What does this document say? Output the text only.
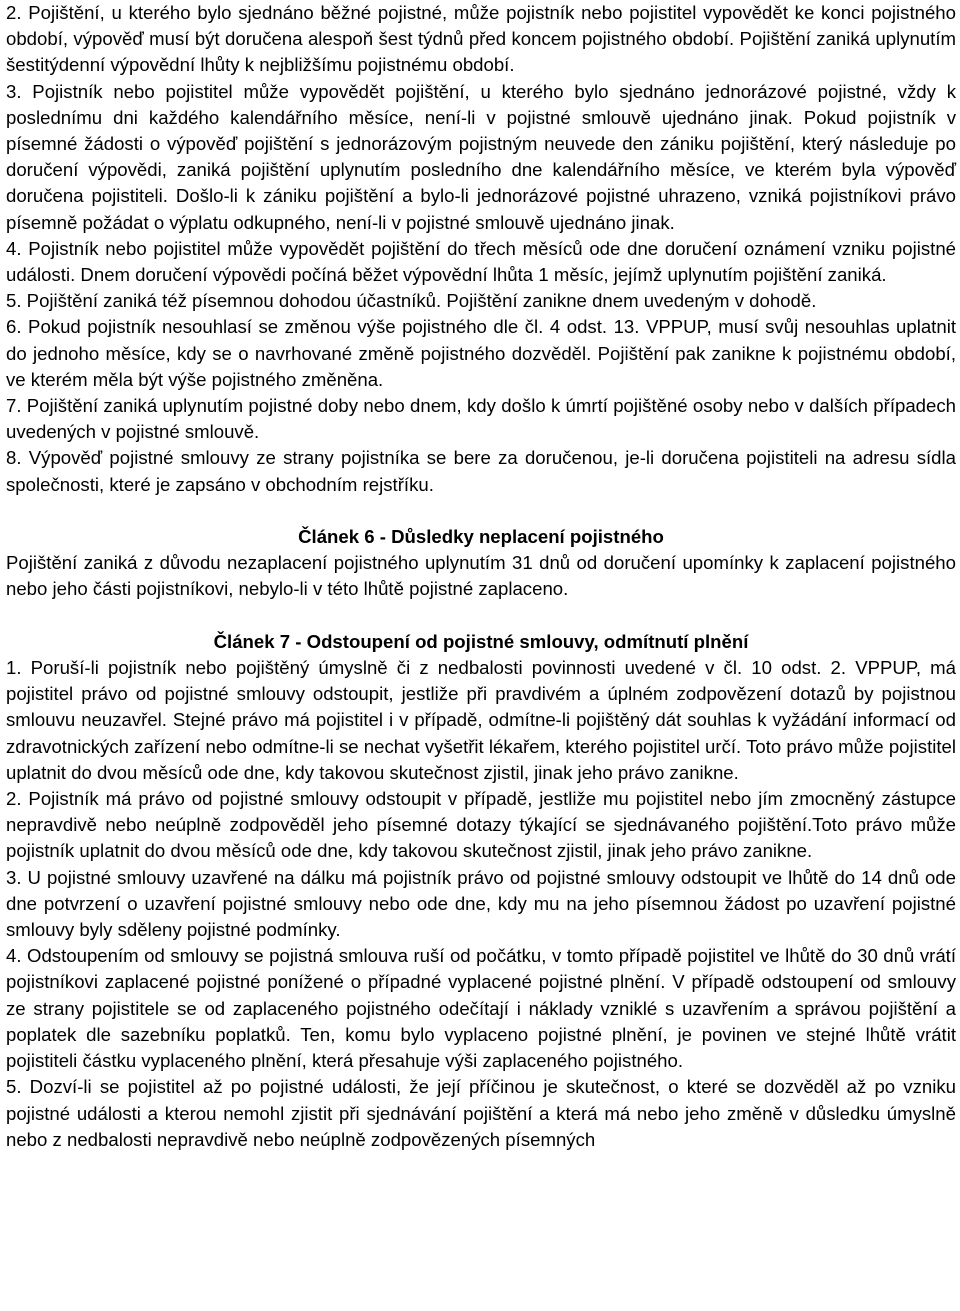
2. Pojištění, u kterého bylo sjednáno běžné pojistné, může pojistník nebo pojistitel vypovědět ke konci pojistného období, výpověď musí být doručena alespoň šest týdnů před koncem pojistného období. Pojištění zaniká uplynutím šestitýdenní výpovědní lhůty k nejbližšímu pojistnému období.

3. Pojistník nebo pojistitel může vypovědět pojištění, u kterého bylo sjednáno jednorázové pojistné, vždy k poslednímu dni každého kalendářního měsíce, není-li v pojistné smlouvě ujednáno jinak. Pokud pojistník v písemné žádosti o výpověď pojištění s jednorázovým pojistným neuvede den zániku pojištění, který následuje po doručení výpovědi, zaniká pojištění uplynutím posledního dne kalendářního měsíce, ve kterém byla výpověď doručena pojistiteli. Došlo-li k zániku pojištění a bylo-li jednorázové pojistné uhrazeno, vzniká pojistníkovi právo písemně požádat o výplatu odkupného, není-li v pojistné smlouvě ujednáno jinak.

4. Pojistník nebo pojistitel může vypovědět pojištění do třech měsíců ode dne doručení oznámení vzniku pojistné události. Dnem doručení výpovědi počíná běžet výpovědní lhůta 1 měsíc, jejímž uplynutím pojištění zaniká.

5. Pojištění zaniká též písemnou dohodou účastníků. Pojištění zanikne dnem uvedeným v dohodě.

6. Pokud pojistník nesouhlasí se změnou výše pojistného dle čl. 4 odst. 13. VPPUP, musí svůj nesouhlas uplatnit do jednoho měsíce, kdy se o navrhované změně pojistného dozvěděl. Pojištění pak zanikne k pojistnému období, ve kterém měla být výše pojistného změněna.

7. Pojištění zaniká uplynutím pojistné doby nebo dnem, kdy došlo k úmrtí pojištěné osoby nebo v dalších případech uvedených v pojistné smlouvě.

8. Výpověď pojistné smlouvy ze strany pojistníka se bere za doručenou, je-li doručena pojistiteli na adresu sídla společnosti, které je zapsáno v obchodním rejstříku.

Článek 6 - Důsledky neplacení pojistného

Pojištění zaniká z důvodu nezaplacení pojistného uplynutím 31 dnů od doručení upomínky k zaplacení pojistného nebo jeho části pojistníkovi, nebylo-li v této lhůtě pojistné zaplaceno.

Článek 7 - Odstoupení od pojistné smlouvy, odmítnutí plnění

1. Poruší-li pojistník nebo pojištěný úmyslně či z nedbalosti povinnosti uvedené v čl. 10 odst. 2. VPPUP, má pojistitel právo od pojistné smlouvy odstoupit, jestliže při pravdivém a úplném zodpovězení dotazů by pojistnou smlouvu neuzavřel. Stejné právo má pojistitel i v případě, odmítne-li pojištěný dát souhlas k vyžádání informací od zdravotnických zařízení nebo odmítne-li se nechat vyšetřit lékařem, kterého pojistitel určí. Toto právo může pojistitel uplatnit do dvou měsíců ode dne, kdy takovou skutečnost zjistil, jinak jeho právo zanikne.

2. Pojistník má právo od pojistné smlouvy odstoupit v případě, jestliže mu pojistitel nebo jím zmocněný zástupce nepravdivě nebo neúplně zodpověděl jeho písemné dotazy týkající se sjednávaného pojištění.Toto právo může pojistník uplatnit do dvou měsíců ode dne, kdy takovou skutečnost zjistil, jinak jeho právo zanikne.

3. U pojistné smlouvy uzavřené na dálku má pojistník právo od pojistné smlouvy odstoupit ve lhůtě do 14 dnů ode dne potvrzení o uzavření pojistné smlouvy nebo ode dne, kdy mu na jeho písemnou žádost po uzavření pojistné smlouvy byly sděleny pojistné podmínky.

4. Odstoupením od smlouvy se pojistná smlouva ruší od počátku, v tomto případě pojistitel ve lhůtě do 30 dnů vrátí pojistníkovi zaplacené pojistné ponížené o případné vyplacené pojistné plnění. V případě odstoupení od smlouvy ze strany pojistitele se od zaplaceného pojistného odečítají i náklady vzniklé s uzavřením a správou pojištění a poplatek dle sazebníku poplatků. Ten, komu bylo vyplaceno pojistné plnění, je povinen ve stejné lhůtě vrátit pojistiteli částku vyplaceného plnění, která přesahuje výši zaplaceného pojistného.

5. Dozví-li se pojistitel až po pojistné události, že její příčinou je skutečnost, o které se dozvěděl až po vzniku pojistné události a kterou nemohl zjistit při sjednávání pojištění a která má nebo jeho změně v důsledku úmyslně nebo z nedbalosti nepravdivě nebo neúplně zodpovězených písemných
